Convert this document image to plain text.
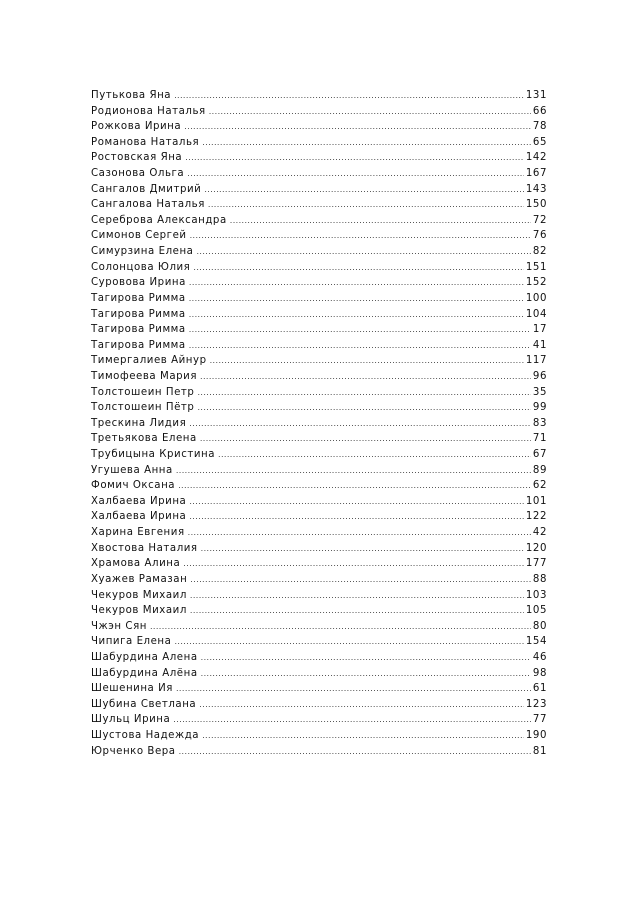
Путькова Яна .....	131
Родионова Наталья .....	66
Рожкова Ирина .....	78
Романова Наталья .....	65
Ростовская Яна .....	142
Сазонова Ольга .....	167
Сангалов Дмитрий .....	143
Сангалова Наталья .....	150
Сереброва Александра .....	72
Симонов Сергей .....	76
Симурзина Елена .....	82
Солонцова Юлия .....	151
Суровова Ирина .....	152
Тагирова Римма .....	100
Тагирова Римма .....	104
Тагирова Римма .....	17
Тагирова Римма .....	41
Тимергалиев Айнур .....	117
Тимофеева Мария .....	96
Толстошеин Петр .....	35
Толстошеин Пётр .....	99
Трескина Лидия .....	83
Третьякова Елена .....	71
Трубицына Кристина .....	67
Угушева Анна .....	89
Фомич Оксана .....	62
Халбаева Ирина .....	101
Халбаева Ирина .....	122
Харина Евгения .....	42
Хвостова Наталия .....	120
Храмова Алина .....	177
Хуажев Рамазан .....	88
Чекуров Михаил .....	103
Чекуров Михаил .....	105
Чжэн Сян .....	80
Чипига Елена .....	154
Шабурдина Алена .....	46
Шабурдина Алёна .....	98
Шешенина Ия .....	61
Шубина Светлана .....	123
Шульц Ирина .....	77
Шустова Надежда .....	190
Юрченко Вера .....	81
